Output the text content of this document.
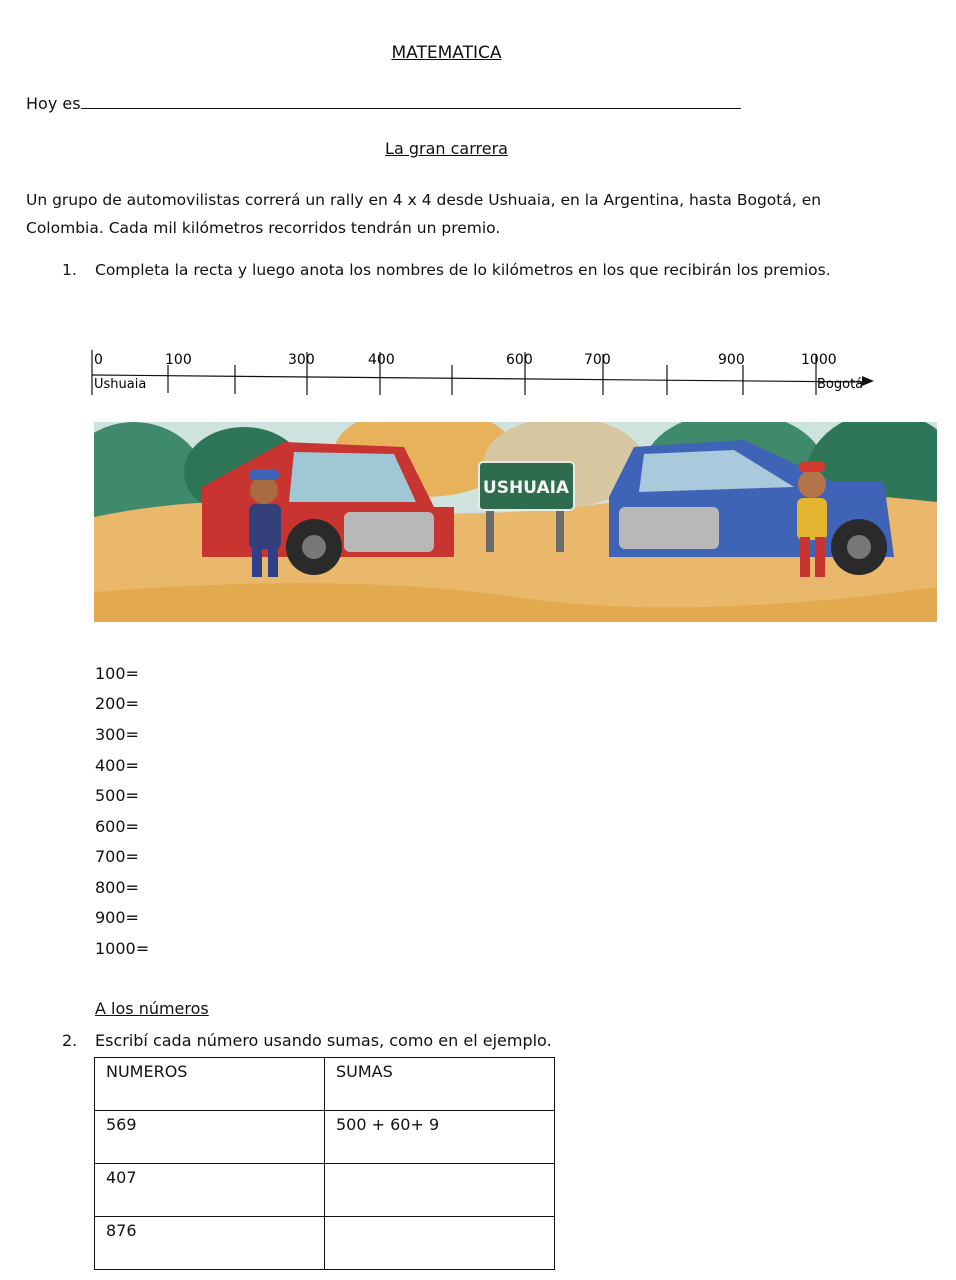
MATEMATICA
Hoy es
La gran carrera
Un grupo de automovilistas correrá un rally en 4 x 4 desde Ushuaia, en la Argentina, hasta Bogotá, en
Colombia. Cada mil kilómetros recorridos tendrán un premio.
1. Completa la recta y luego anota los nombres de lo kilómetros en los que recibirán los premios.
0	100	300	400	600	700	900	1000
Ushuaia	Bogotá
USHUAIA
100=
200=
300=
400=
500=
600=
700=
800=
900=
1000=
A los números
2. Escribí cada número usando sumas, como en el ejemplo.
NUMEROS	SUMAS
569	500 + 60+ 9
407	
876	
